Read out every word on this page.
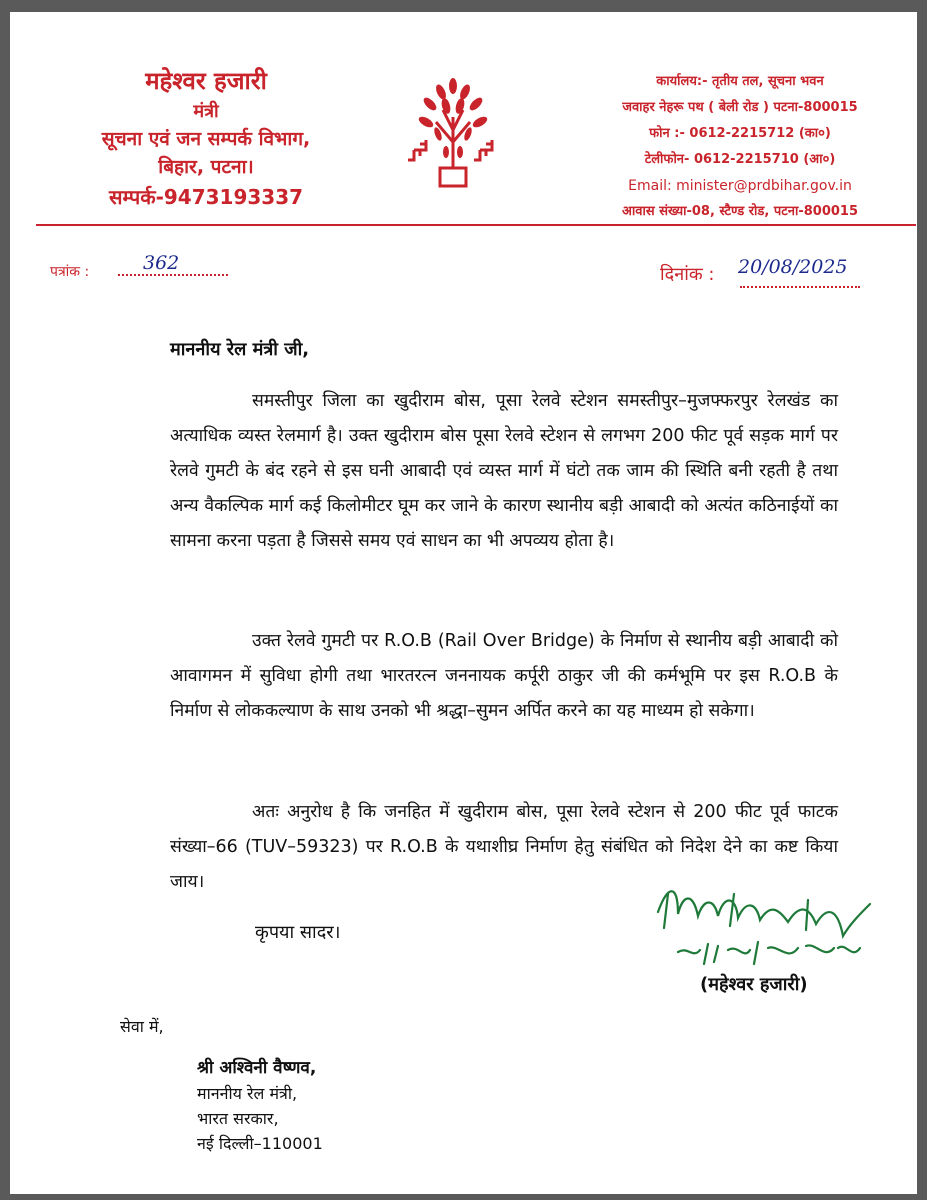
महेश्वर हजारी
मंत्री
सूचना एवं जन सम्पर्क विभाग,
बिहार, पटना।
सम्पर्क-9473193337
कार्यालय:- तृतीय तल, सूचना भवन
जवाहर नेहरू पथ ( बेली रोड ) पटना-800015
फोन :- 0612-2215712 (का०)
टेलीफोन- 0612-2215710 (आ०)
Email: minister@prdbihar.gov.in
आवास संख्या-08, स्टैण्ड रोड, पटना-800015
पत्रांक :	362
दिनांक : 20/08/2025
माननीय रेल मंत्री जी,
समस्तीपुर जिला का खुदीराम बोस, पूसा रेलवे स्टेशन समस्तीपुर–मुजफ्फरपुर रेलखंड का अत्याधिक व्यस्त रेलमार्ग है। उक्त खुदीराम बोस पूसा रेलवे स्टेशन से लगभग 200 फीट पूर्व सड़क मार्ग पर रेलवे गुमटी के बंद रहने से इस घनी आबादी एवं व्यस्त मार्ग में घंटो तक जाम की स्थिति बनी रहती है तथा अन्य वैकल्पिक मार्ग कई किलोमीटर घूम कर जाने के कारण स्थानीय बड़ी आबादी को अत्यंत कठिनाईयों का सामना करना पड़ता है जिससे समय एवं साधन का भी अपव्यय होता है।
उक्त रेलवे गुमटी पर R.O.B (Rail Over Bridge) के निर्माण से स्थानीय बड़ी आबादी को आवागमन में सुविधा होगी तथा भारतरत्न जननायक कर्पूरी ठाकुर जी की कर्मभूमि पर इस R.O.B के निर्माण से लोककल्याण के साथ उनको भी श्रद्धा–सुमन अर्पित करने का यह माध्यम हो सकेगा।
अतः अनुरोध है कि जनहित में खुदीराम बोस, पूसा रेलवे स्टेशन से 200 फीट पूर्व फाटक संख्या–66 (TUV–59323) पर R.O.B के यथाशीघ्र निर्माण हेतु संबंधित को निदेश देने का कष्ट किया जाय।
कृपया सादर।
(महेश्वर हजारी)
सेवा में,
श्री अश्विनी वैष्णव,
माननीय रेल मंत्री,
भारत सरकार,
नई दिल्ली–110001
